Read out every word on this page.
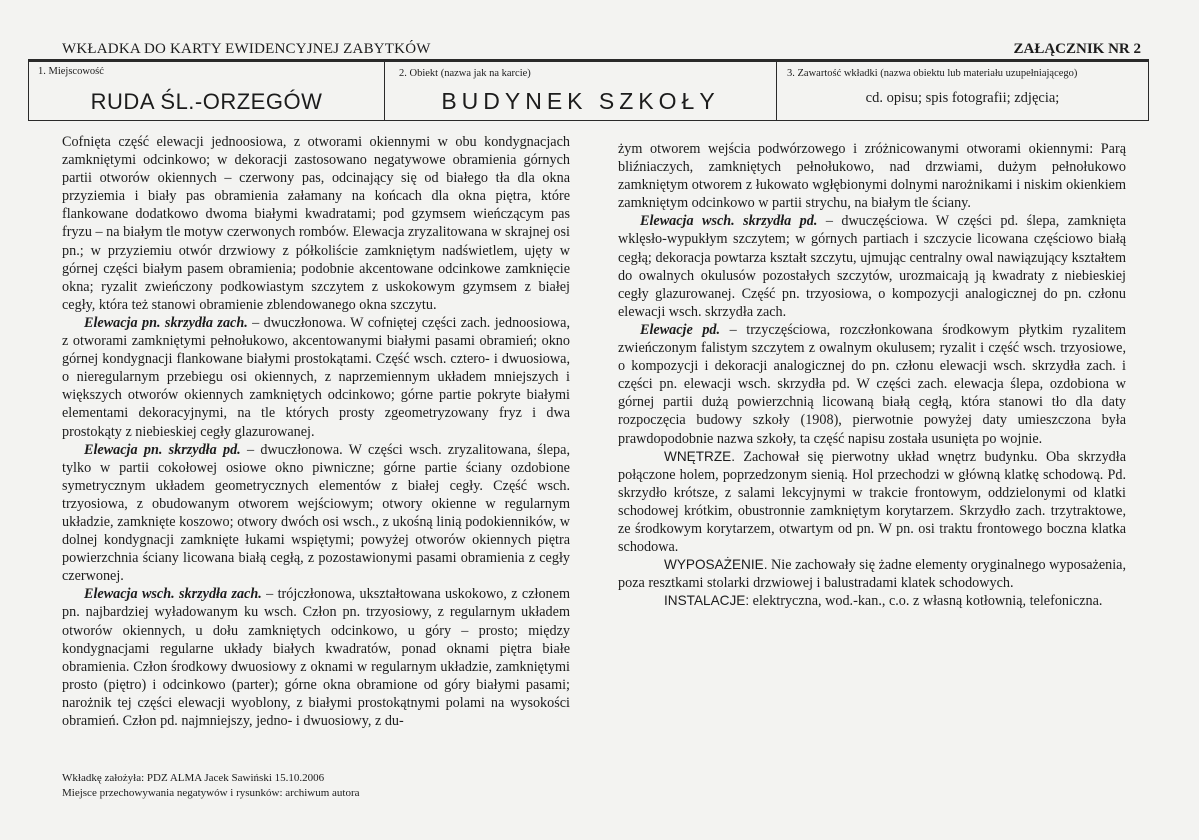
WKŁADKA DO KARTY EWIDENCYJNEJ ZABYTKÓW	ZAŁĄCZNIK NR 2
1. Miejscowość
RUDA ŚL.-ORZEGÓW
2. Obiekt (nazwa jak na karcie)
BUDYNEK SZKOŁY
3. Zawartość wkładki (nazwa obiektu lub materiału uzupełniającego)
cd. opisu; spis fotografii; zdjęcia;

Cofnięta część elewacji jednoosiowa, z otworami okiennymi w obu kondygnacjach zamkniętymi odcinkowo; w dekoracji zastosowano negatywowe obramienia górnych partii otworów okiennych – czerwony pas, odcinający się od białego tła dla okna przyziemia i biały pas obramienia załamany na końcach dla okna piętra, które flankowane dodatkowo dwoma białymi kwadratami; pod gzymsem wieńczącym pas fryzu – na białym tle motyw czerwonych rombów. Elewacja zryzalitowana w skrajnej osi pn.; w przyziemiu otwór drzwiowy z półkoliście zamkniętym nadświetlem, ujęty w górnej części białym pasem obramienia; podobnie akcentowane odcinkowe zamknięcie okna; ryzalit zwieńczony podkowiastym szczytem z uskokowym gzymsem z białej cegły, która też stanowi obramienie zblendowanego okna szczytu.

Elewacja pn. skrzydła zach. – dwuczłonowa. W cofniętej części zach. jednoosiowa, z otworami zamkniętymi pełnołukowo, akcentowanymi białymi pasami obramień; okno górnej kondygnacji flankowane białymi prostokątami. Część wsch. cztero- i dwuosiowa, o nieregularnym przebiegu osi okiennych, z naprzemiennym układem mniejszych i większych otworów okiennych zamkniętych odcinkowo; górne partie pokryte białymi elementami dekoracyjnymi, na tle których prosty zgeometryzowany fryz i dwa prostokąty z niebieskiej cegły glazurowanej.

Elewacja pn. skrzydła pd. – dwuczłonowa. W części wsch. zryzalitowana, ślepa, tylko w partii cokołowej osiowe okno piwniczne; górne partie ściany ozdobione symetrycznym układem geometrycznych elementów z białej cegły. Część wsch. trzyosiowa, z obudowanym otworem wejściowym; otwory okienne w regularnym układzie, zamknięte koszowo; otwory dwóch osi wsch., z ukośną linią podokienników, w dolnej kondygnacji zamknięte łukami wspiętymi; powyżej otworów okiennych piętra powierzchnia ściany licowana białą cegłą, z pozostawionymi pasami obramienia z cegły czerwonej.

Elewacja wsch. skrzydła zach. – trójczłonowa, ukształtowana uskokowo, z członem pn. najbardziej wyładowanym ku wsch. Człon pn. trzyosiowy, z regularnym układem otworów okiennych, u dołu zamkniętych odcinkowo, u góry – prosto; między kondygnacjami regularne układy białych kwadratów, ponad oknami piętra białe obramienia. Człon środkowy dwuosiowy z oknami w regularnym układzie, zamkniętymi prosto (piętro) i odcinkowo (parter); górne okna obramione od góry białymi pasami; narożnik tej części elewacji wyoblony, z białymi prostokątnymi polami na wysokości obramień. Człon pd. najmniejszy, jedno- i dwuosiowy, z du-

żym otworem wejścia podwórzowego i zróżnicowanymi otworami okiennymi: Parą bliźniaczych, zamkniętych pełnołukowo, nad drzwiami, dużym pełnołukowo zamkniętym otworem z łukowato wgłębionymi dolnymi narożnikami i niskim okienkiem zamkniętym odcinkowo w partii strychu, na białym tle ściany.

Elewacja wsch. skrzydła pd. – dwuczęściowa. W części pd. ślepa, zamknięta wklęsło-wypukłym szczytem; w górnych partiach i szczycie licowana częściowo białą cegłą; dekoracja powtarza kształt szczytu, ujmując centralny owal nawiązujący kształtem do owalnych okulusów pozostałych szczytów, urozmaicają ją kwadraty z niebieskiej cegły glazurowanej. Część pn. trzyosiowa, o kompozycji analogicznej do pn. członu elewacji wsch. skrzydła zach.

Elewacje pd. – trzyczęściowa, rozczłonkowana środkowym płytkim ryzalitem zwieńczonym falistym szczytem z owalnym okulusem; ryzalit i część wsch. trzyosiowe, o kompozycji i dekoracji analogicznej do pn. członu elewacji wsch. skrzydła zach. i części pn. elewacji wsch. skrzydła pd. W części zach. elewacja ślepa, ozdobiona w górnej partii dużą powierzchnią licowaną białą cegłą, która stanowi tło dla daty rozpoczęcia budowy szkoły (1908), pierwotnie powyżej daty umieszczona była prawdopodobnie nazwa szkoły, ta część napisu została usunięta po wojnie.

WNĘTRZE. Zachował się pierwotny układ wnętrz budynku. Oba skrzydła połączone holem, poprzedzonym sienią. Hol przechodzi w główną klatkę schodową. Pd. skrzydło krótsze, z salami lekcyjnymi w trakcie frontowym, oddzielonymi od klatki schodowej krótkim, obustronnie zamkniętym korytarzem. Skrzydło zach. trzytraktowe, ze środkowym korytarzem, otwartym od pn. W pn. osi traktu frontowego boczna klatka schodowa.

WYPOSAŻENIE. Nie zachowały się żadne elementy oryginalnego wyposażenia, poza resztkami stolarki drzwiowej i balustradami klatek schodowych.

INSTALACJE: elektryczna, wod.-kan., c.o. z własną kotłownią, telefoniczna.

Wkładkę założyła: PDZ ALMA Jacek Sawiński 15.10.2006
Miejsce przechowywania negatywów i rysunków: archiwum autora
